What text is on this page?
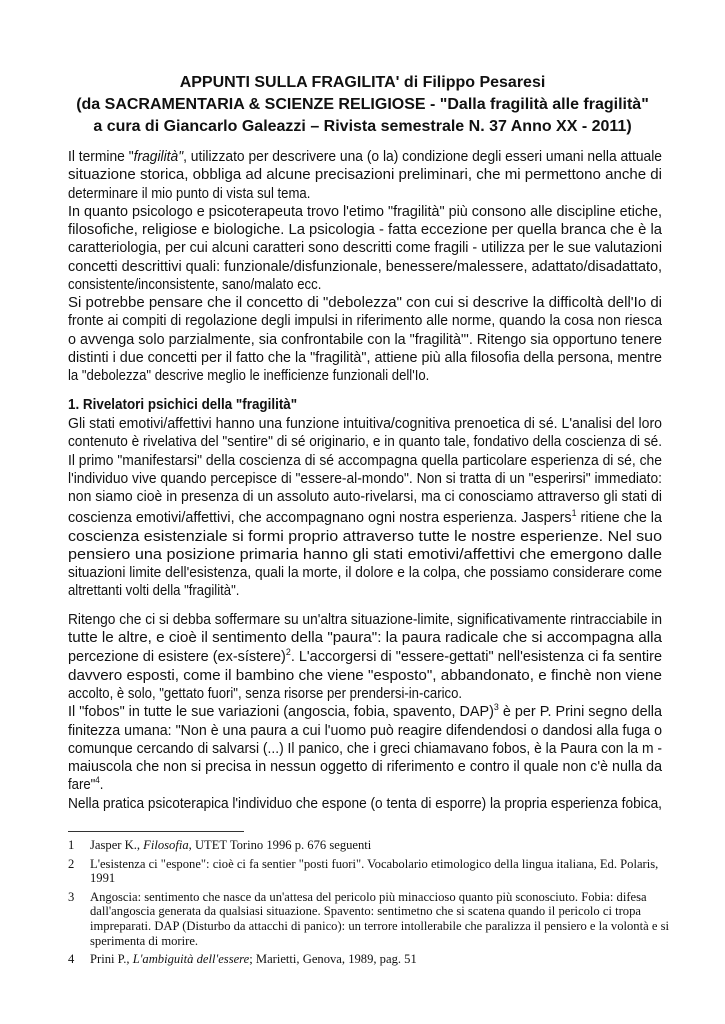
APPUNTI SULLA FRAGILITA' di Filippo Pesaresi
(da SACRAMENTARIA & SCIENZE RELIGIOSE - "Dalla fragilità alle fragilità"
a cura di Giancarlo Galeazzi – Rivista semestrale N. 37 Anno XX - 2011)
Il termine "fragilità", utilizzato per descrivere una (o la) condizione degli esseri umani nella attuale
situazione storica, obbliga ad alcune precisazioni preliminari, che mi permettono anche di
determinare il mio punto di vista sul tema.
In quanto psicologo e psicoterapeuta trovo l'etimo "fragilità" più consono alle discipline etiche,
filosofiche, religiose e biologiche. La psicologia - fatta eccezione per quella branca che è la
caratteriologia, per cui alcuni caratteri sono descritti come fragili - utilizza per le sue valutazioni
concetti descrittivi quali: funzionale/disfunzionale, benessere/malessere, adattato/disadattato,
consistente/inconsistente, sano/malato ecc.
Si potrebbe pensare che il concetto di "debolezza" con cui si descrive la difficoltà dell'Io di
fronte ai compiti di regolazione degli impulsi in riferimento alle norme, quando la cosa non riesca
o avvenga solo parzialmente, sia confrontabile con la "fragilità"'. Ritengo sia opportuno tenere
distinti i due concetti per il fatto che la "fragilità", attiene più alla filosofia della persona, mentre
la "debolezza" descrive meglio le inefficienze funzionali dell'Io.
1. Rivelatori psichici della "fragilità"
Gli stati emotivi/affettivi hanno una funzione intuitiva/cognitiva prenoetica di sé. L'analisi del loro
contenuto è rivelativa del "sentire" di sé originario, e in quanto tale, fondativo della coscienza di sé.
Il primo "manifestarsi" della coscienza di sé accompagna quella particolare esperienza di sé, che
l'individuo vive quando percepisce di "essere-al-mondo". Non si tratta di un "esperirsi" immediato:
non siamo cioè in presenza di un assoluto auto-rivelarsi, ma ci conosciamo attraverso gli stati di
coscienza emotivi/affettivi, che accompagnano ogni nostra esperienza. Jaspers$^1$ ritiene che la
coscienza esistenziale si formi proprio attraverso tutte le nostre esperienze. Nel suo
pensiero una posizione primaria hanno gli stati emotivi/affettivi che emergono dalle
situazioni limite dell'esistenza, quali la morte, il dolore e la colpa, che possiamo considerare come
altrettanti volti della "fragilità".
Ritengo che ci si debba soffermare su un'altra situazione-limite, significativamente rintracciabile in
tutte le altre, e cioè il sentimento della "paura": la paura radicale che si accompagna alla
percezione di esistere (ex-sístere)$^2$. L'accorgersi di "essere-gettati" nell'esistenza ci fa sentire
davvero esposti, come il bambino che viene "esposto", abbandonato, e finchè non viene
accolto, è solo, "gettato fuori", senza risorse per prendersi-in-carico.
Il "fobos" in tutte le sue variazioni (angoscia, fobia, spavento, DAP)$^3$ è per P. Prini segno della
finitezza umana: "Non è una paura a cui l'uomo può reagire difendendosi o dandosi alla fuga o
comunque cercando di salvarsi (...) Il panico, che i greci chiamavano fobos, è la Paura con la m -
maiuscola che non si precisa in nessun oggetto di riferimento e contro il quale non c'è nulla da
fare"$^4$.
Nella pratica psicoterapica l'individuo che espone (o tenta di esporre) la propria esperienza fobica,
1 Jasper K., Filosofia, UTET Torino 1996 p. 676 seguenti
2 L'esistenza ci "espone": cioè ci fa sentier "posti fuori". Vocabolario etimologico della lingua italiana, Ed. Polaris,
1991
3 Angoscia: sentimento che nasce da un'attesa del pericolo più minaccioso quanto più sconosciuto. Fobia: difesa
dall'angoscia generata da qualsiasi situazione. Spavento: sentimetno che si scatena quando il pericolo ci tropa
impreparati. DAP (Disturbo da attacchi di panico): un terrore intollerabile che paralizza il pensiero e la volontà e si
sperimenta di morire.
4 Prini P., L'ambiguità dell'essere; Marietti, Genova, 1989, pag. 51
